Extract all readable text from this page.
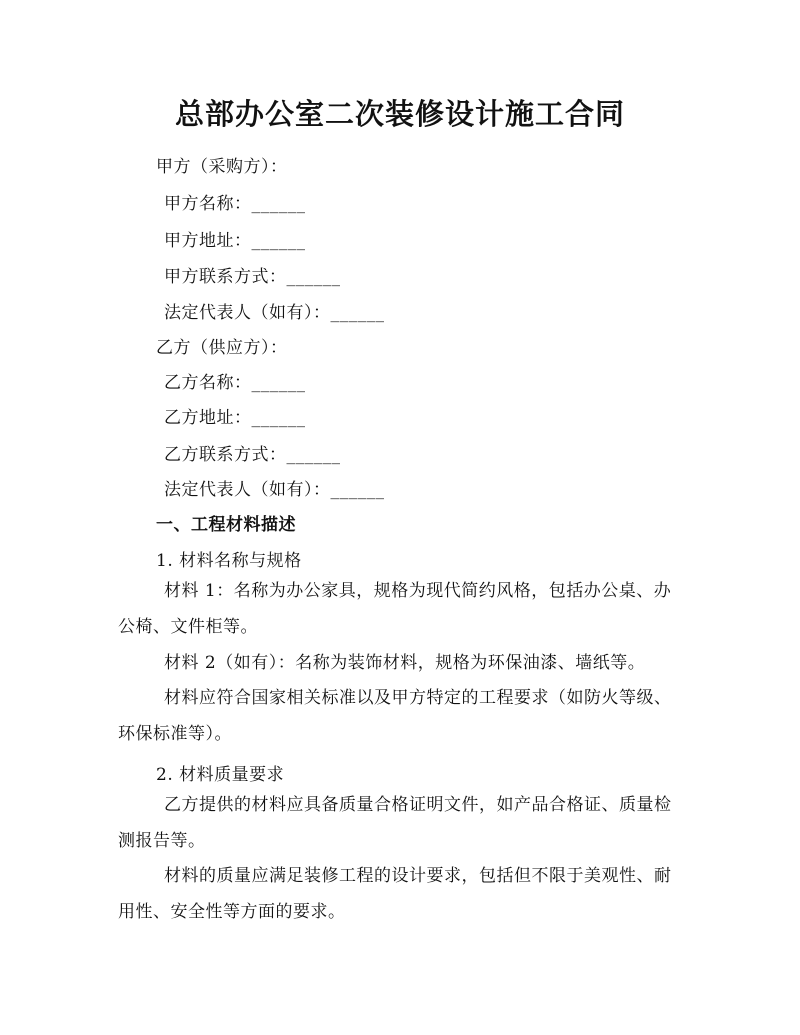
总部办公室二次装修设计施工合同
甲方（采购方）：
甲方名称：______
甲方地址：______
甲方联系方式：______
法定代表人（如有）：______
乙方（供应方）：
乙方名称：______
乙方地址：______
乙方联系方式：______
法定代表人（如有）：______
一、工程材料描述
1. 材料名称与规格
材料 1：名称为办公家具，规格为现代简约风格，包括办公桌、办公椅、文件柜等。
材料 2（如有）：名称为装饰材料，规格为环保油漆、墙纸等。
材料应符合国家相关标准以及甲方特定的工程要求（如防火等级、环保标准等）。
2. 材料质量要求
乙方提供的材料应具备质量合格证明文件，如产品合格证、质量检测报告等。
材料的质量应满足装修工程的设计要求，包括但不限于美观性、耐用性、安全性等方面的要求。
